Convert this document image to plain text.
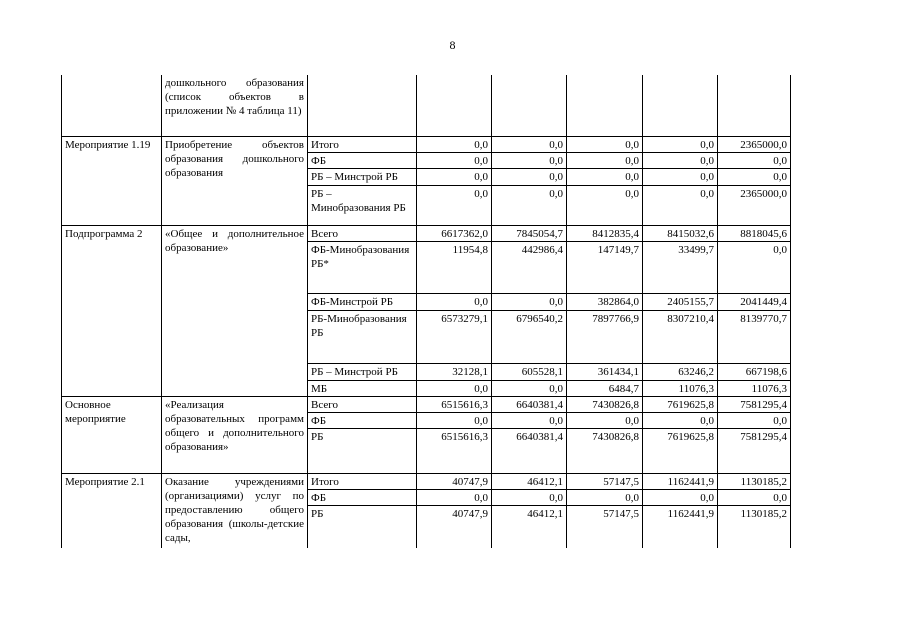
8
	дошкольного образования (список объектов в приложении № 4 таблица 11)						
Мероприятие 1.19	Приобретение объектов образования дошкольного образования	Итого	0,0	0,0	0,0	0,0	2365000,0
		ФБ	0,0	0,0	0,0	0,0	0,0
		РБ – Минстрой РБ	0,0	0,0	0,0	0,0	0,0
		РБ – Минобразования РБ	0,0	0,0	0,0	0,0	2365000,0
Подпрограмма 2	«Общее и дополнительное образование»	Всего	6617362,0	7845054,7	8412835,4	8415032,6	8818045,6
		ФБ-Минобразования РБ*	11954,8	442986,4	147149,7	33499,7	0,0
		ФБ-Минстрой РБ	0,0	0,0	382864,0	2405155,7	2041449,4
		РБ-Минобразования РБ	6573279,1	6796540,2	7897766,9	8307210,4	8139770,7
		РБ – Минстрой РБ	32128,1	605528,1	361434,1	63246,2	667198,6
		МБ	0,0	0,0	6484,7	11076,3	11076,3
Основное мероприятие	«Реализация образовательных программ общего и дополнительного образования»	Всего	6515616,3	6640381,4	7430826,8	7619625,8	7581295,4
		ФБ	0,0	0,0	0,0	0,0	0,0
		РБ	6515616,3	6640381,4	7430826,8	7619625,8	7581295,4
Мероприятие 2.1	Оказание учреждениями (организациями) услуг по предоставлению общего образования (школы-детские сады,	Итого	40747,9	46412,1	57147,5	1162441,9	1130185,2
		ФБ	0,0	0,0	0,0	0,0	0,0
		РБ	40747,9	46412,1	57147,5	1162441,9	1130185,2
